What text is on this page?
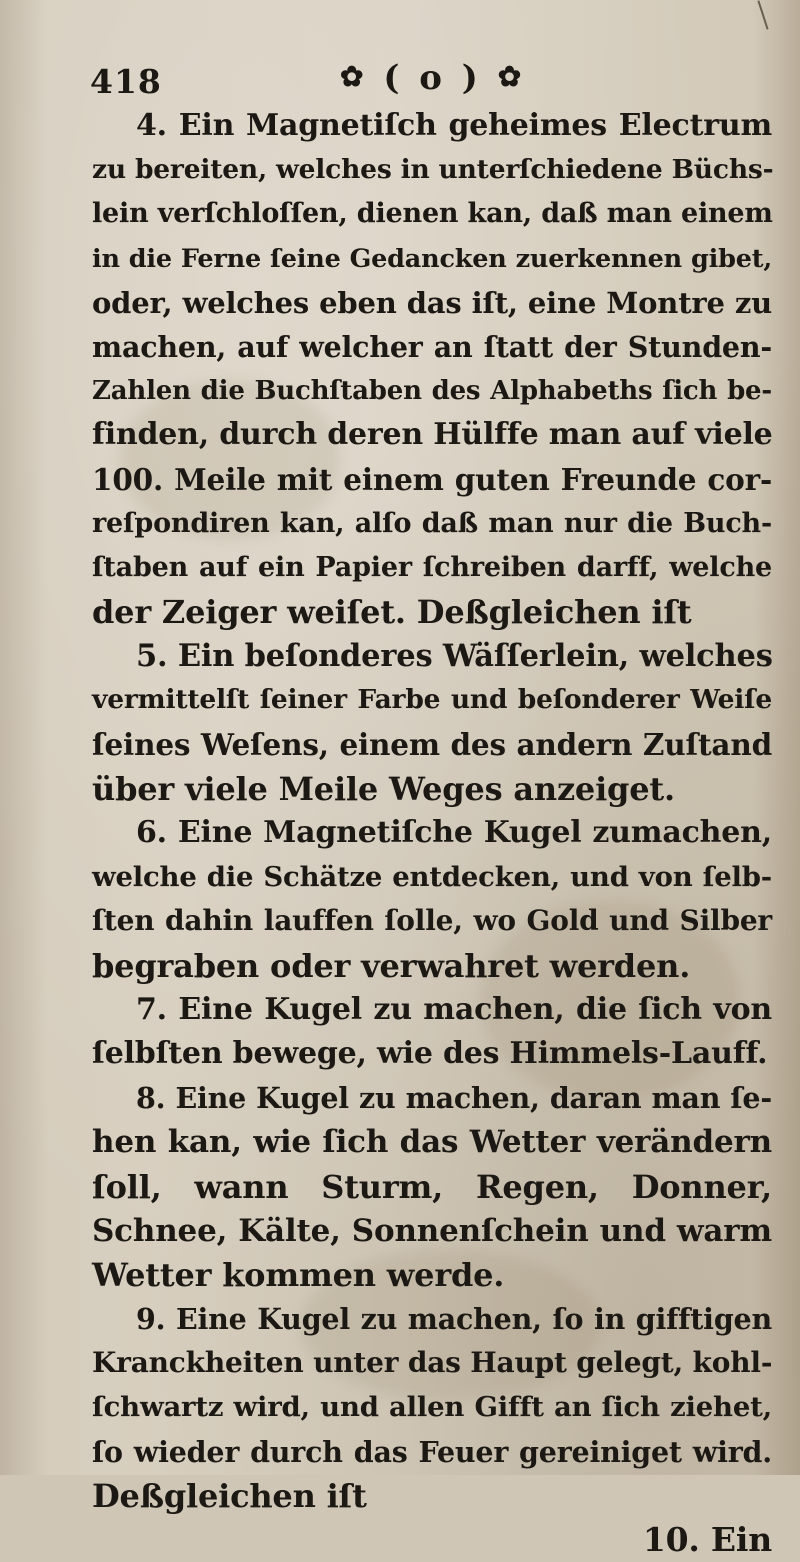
418	✿ ( o ) ✿
4. Ein Magnetiſch geheimes Electrum
zu bereiten, welches in unterſchiedene Büchs-
lein verſchloſſen, dienen kan, daß man einem
in die Ferne ſeine Gedancken zuerkennen gibet,
oder, welches eben das iſt, eine Montre zu
machen, auf welcher an ſtatt der Stunden-
Zahlen die Buchſtaben des Alphabeths ſich be-
finden, durch deren Hülffe man auf viele
100. Meile mit einem guten Freunde cor-
reſpondiren kan, alſo daß man nur die Buch-
ſtaben auf ein Papier ſchreiben darff, welche
der Zeiger weiſet. Deßgleichen iſt
5. Ein beſonderes Wäſſerlein, welches
vermittelſt ſeiner Farbe und beſonderer Weiſe
ſeines Weſens, einem des andern Zuſtand
über viele Meile Weges anzeiget.
6. Eine Magnetiſche Kugel zumachen,
welche die Schätze entdecken, und von ſelb-
ſten dahin lauffen ſolle, wo Gold und Silber
begraben oder verwahret werden.
7. Eine Kugel zu machen, die ſich von
ſelbſten bewege, wie des Himmels-Lauff.
8. Eine Kugel zu machen, daran man ſe-
hen kan, wie ſich das Wetter verändern
ſoll, wann Sturm, Regen, Donner,
Schnee, Kälte, Sonnenſchein und warm
Wetter kommen werde.
9. Eine Kugel zu machen, ſo in gifftigen
Kranckheiten unter das Haupt gelegt, kohl-
ſchwartz wird, und allen Gifft an ſich ziehet,
ſo wieder durch das Feuer gereiniget wird.
Deßgleichen iſt
10. Ein
